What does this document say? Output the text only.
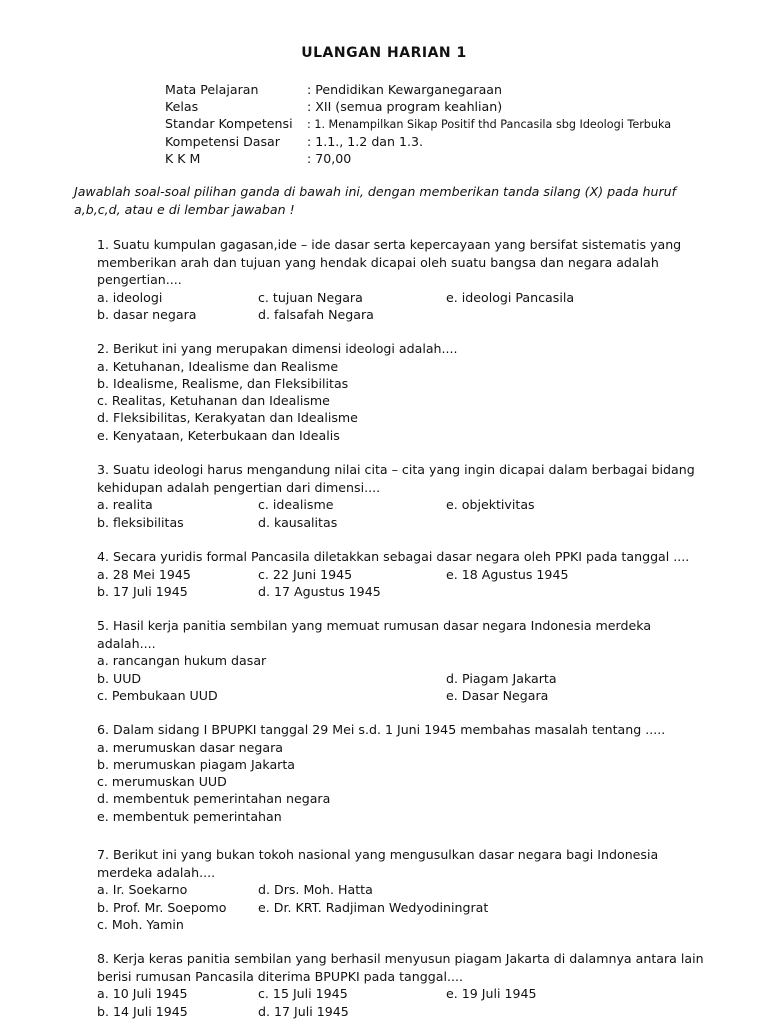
ULANGAN HARIAN 1
Mata Pelajaran	: Pendidikan Kewarganegaraan
Kelas	: XII (semua program keahlian)
Standar Kompetensi : 1. Menampilkan Sikap Positif thd Pancasila sbg Ideologi Terbuka
Kompetensi Dasar : 1.1., 1.2 dan 1.3.
K K M	: 70,00
Jawablah soal-soal pilihan ganda di bawah ini, dengan memberikan tanda silang (X) pada huruf a,b,c,d, atau e di lembar jawaban !
1. Suatu kumpulan gagasan,ide – ide dasar serta kepercayaan yang bersifat sistematis yang memberikan arah dan tujuan yang hendak dicapai oleh suatu bangsa dan negara adalah pengertian....
a. ideologi	c. tujuan Negara	e. ideologi Pancasila
b. dasar negara	d. falsafah Negara
2. Berikut ini yang merupakan dimensi ideologi adalah....
a. Ketuhanan, Idealisme dan Realisme
b. Idealisme, Realisme, dan Fleksibilitas
c. Realitas, Ketuhanan dan Idealisme
d. Fleksibilitas, Kerakyatan dan Idealisme
e. Kenyataan, Keterbukaan dan Idealis
3. Suatu ideologi harus mengandung nilai cita – cita yang ingin dicapai dalam berbagai bidang kehidupan adalah pengertian dari dimensi....
a. realita	c. idealisme	e. objektivitas
b. fleksibilitas	d. kausalitas
4. Secara yuridis formal Pancasila diletakkan sebagai dasar negara oleh PPKI pada tanggal ....
a. 28 Mei 1945	c. 22 Juni 1945	e. 18 Agustus 1945
b. 17 Juli 1945	d. 17 Agustus 1945
5. Hasil kerja panitia sembilan yang memuat rumusan dasar negara Indonesia merdeka adalah....
a. rancangan hukum dasar
b. UUD	d. Piagam Jakarta
c. Pembukaan UUD	e. Dasar Negara
6. Dalam sidang I BPUPKI tanggal 29 Mei s.d. 1 Juni 1945 membahas masalah tentang .....
a. merumuskan dasar negara
b. merumuskan piagam Jakarta
c. merumuskan UUD
d. membentuk pemerintahan negara
e. membentuk pemerintahan
7. Berikut ini yang bukan tokoh nasional yang mengusulkan dasar negara bagi Indonesia merdeka adalah....
a. Ir. Soekarno	d. Drs. Moh. Hatta
b. Prof. Mr. Soepomo e. Dr. KRT. Radjiman Wedyodiningrat
c. Moh. Yamin
8. Kerja keras panitia sembilan yang berhasil menyusun piagam Jakarta di dalamnya antara lain berisi rumusan Pancasila diterima BPUPKI pada tanggal....
a. 10 Juli 1945	c. 15 Juli 1945	e. 19 Juli 1945
b. 14 Juli 1945	d. 17 Juli 1945
